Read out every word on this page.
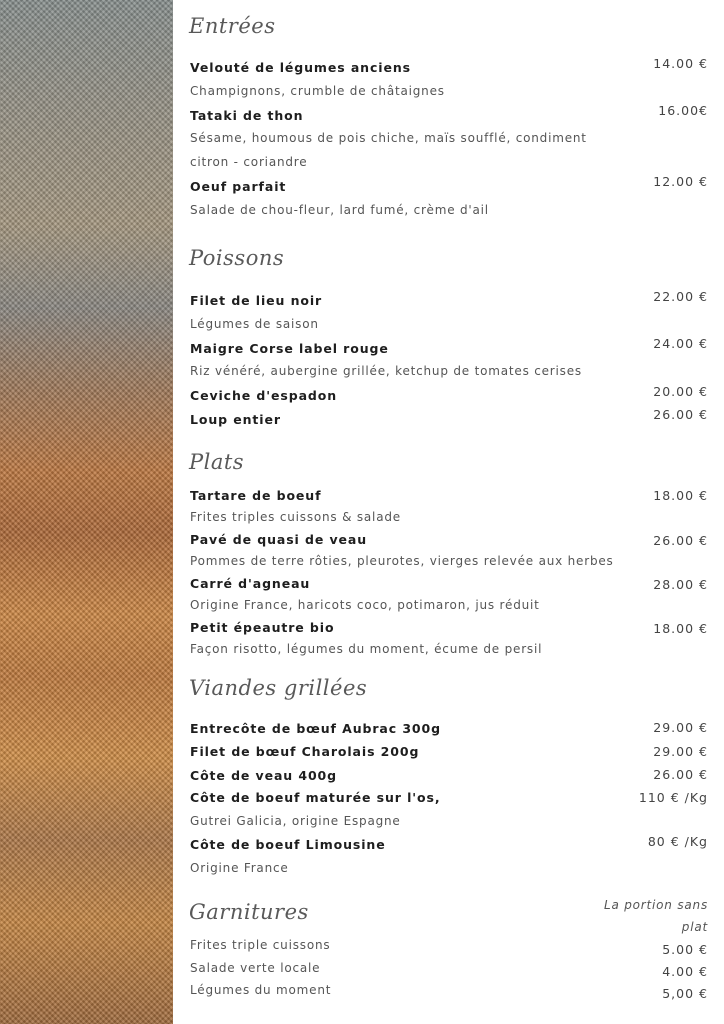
Entrées
Velouté de légumes anciens	14.00 €
Champignons, crumble de châtaignes
Tataki de thon	16.00€
Sésame, houmous de pois chiche, maïs soufflé, condiment
citron - coriandre
Oeuf parfait	12.00 €
Salade de chou-fleur, lard fumé, crème d'ail
Poissons
Filet de lieu noir	22.00 €
Légumes de saison
Maigre Corse label rouge	24.00 €
Riz vénéré, aubergine grillée, ketchup de tomates cerises
Ceviche d'espadon	20.00 €
Loup entier	26.00 €
Plats
Tartare de boeuf	18.00 €
Frites triples cuissons & salade
Pavé de quasi de veau	26.00 €
Pommes de terre rôties, pleurotes, vierges relevée aux herbes
Carré d'agneau	28.00 €
Origine France, haricots coco, potimaron, jus réduit
Petit épeautre bio	18.00 €
Façon risotto, légumes du moment, écume de persil
Viandes grillées
Entrecôte de bœuf Aubrac 300g	29.00 €
Filet de bœuf Charolais 200g	29.00 €
Côte de veau 400g	26.00 €
Côte de boeuf maturée sur l'os,	110 € /Kg
Gutrei Galicia, origine Espagne
Côte de boeuf Limousine	80 € /Kg
Origine France
Garnitures	La portion sans
plat
Frites triple cuissons	5.00 €
Salade verte locale	4.00 €
Légumes du moment	5,00 €
